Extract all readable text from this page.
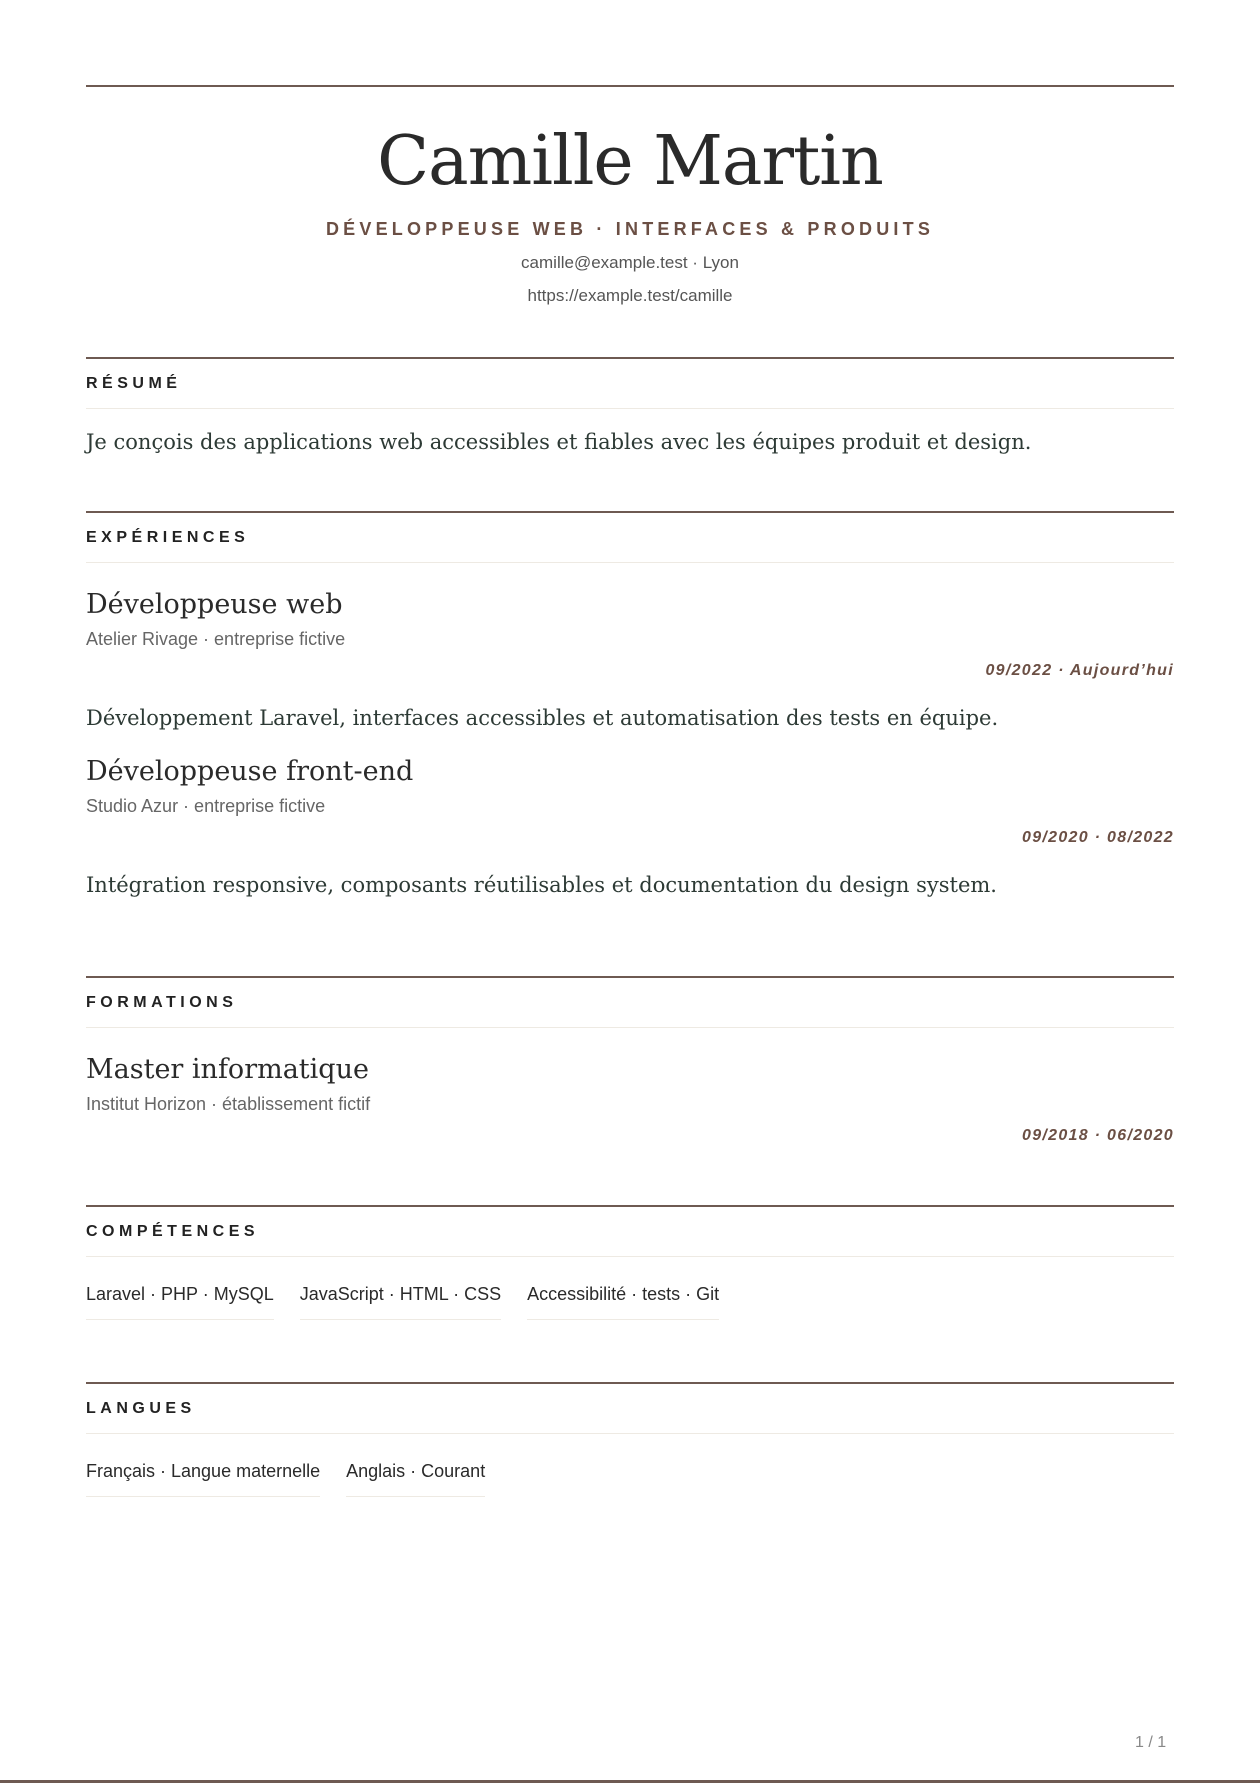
Camille Martin
DÉVELOPPEUSE WEB · INTERFACES & PRODUITS
camille@example.test · Lyon
https://example.test/camille
RÉSUMÉ
Je conçois des applications web accessibles et fiables avec les équipes produit et design.
EXPÉRIENCES
Développeuse web
Atelier Rivage · entreprise fictive
09/2022 · Aujourd’hui
Développement Laravel, interfaces accessibles et automatisation des tests en équipe.
Développeuse front-end
Studio Azur · entreprise fictive
09/2020 · 08/2022
Intégration responsive, composants réutilisables et documentation du design system.
FORMATIONS
Master informatique
Institut Horizon · établissement fictif
09/2018 · 06/2020
COMPÉTENCES
Laravel · PHP · MySQL JavaScript · HTML · CSS Accessibilité · tests · Git
LANGUES
Français · Langue maternelle Anglais · Courant
1 / 1
